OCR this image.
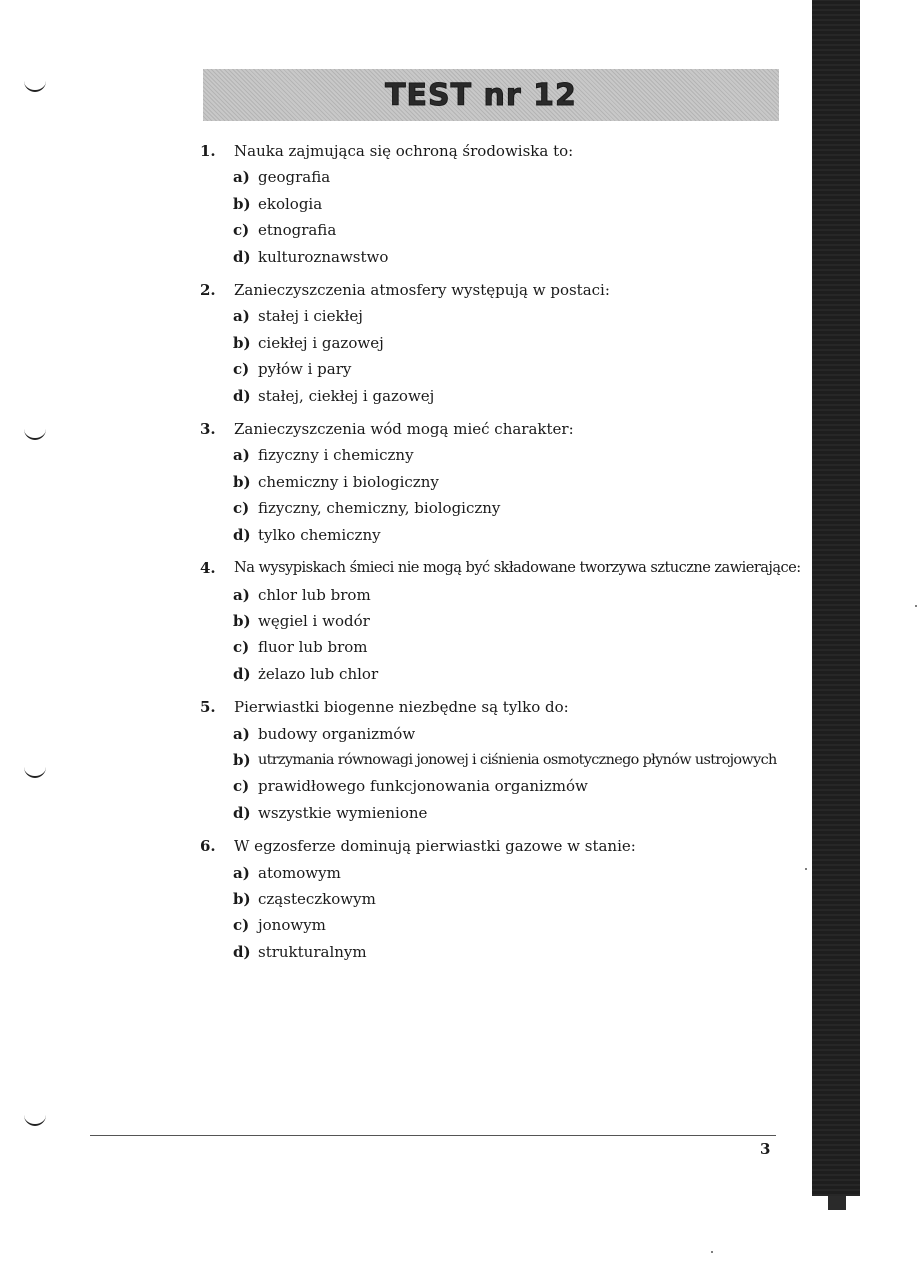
TEST nr 12
1.	Nauka zajmująca się ochroną środowiska to:
a) geografia
b) ekologia
c) etnografia
d) kulturoznawstwo
2.	Zanieczyszczenia atmosfery występują w postaci:
a) stałej i ciekłej
b) ciekłej i gazowej
c) pyłów i pary
d) stałej, ciekłej i gazowej
3.	Zanieczyszczenia wód mogą mieć charakter:
a) fizyczny i chemiczny
b) chemiczny i biologiczny
c) fizyczny, chemiczny, biologiczny
d) tylko chemiczny
4.	Na wysypiskach śmieci nie mogą być składowane tworzywa sztuczne zawierające:
a) chlor lub brom
b) węgiel i wodór
c) fluor lub brom
d) żelazo lub chlor
5.	Pierwiastki biogenne niezbędne są tylko do:
a) budowy organizmów
b) utrzymania równowagi jonowej i ciśnienia osmotycznego płynów ustrojowych
c) prawidłowego funkcjonowania organizmów
d) wszystkie wymienione
6.	W egzosferze dominują pierwiastki gazowe w stanie:
a) atomowym
b) cząsteczkowym
c) jonowym
d) strukturalnym
3
